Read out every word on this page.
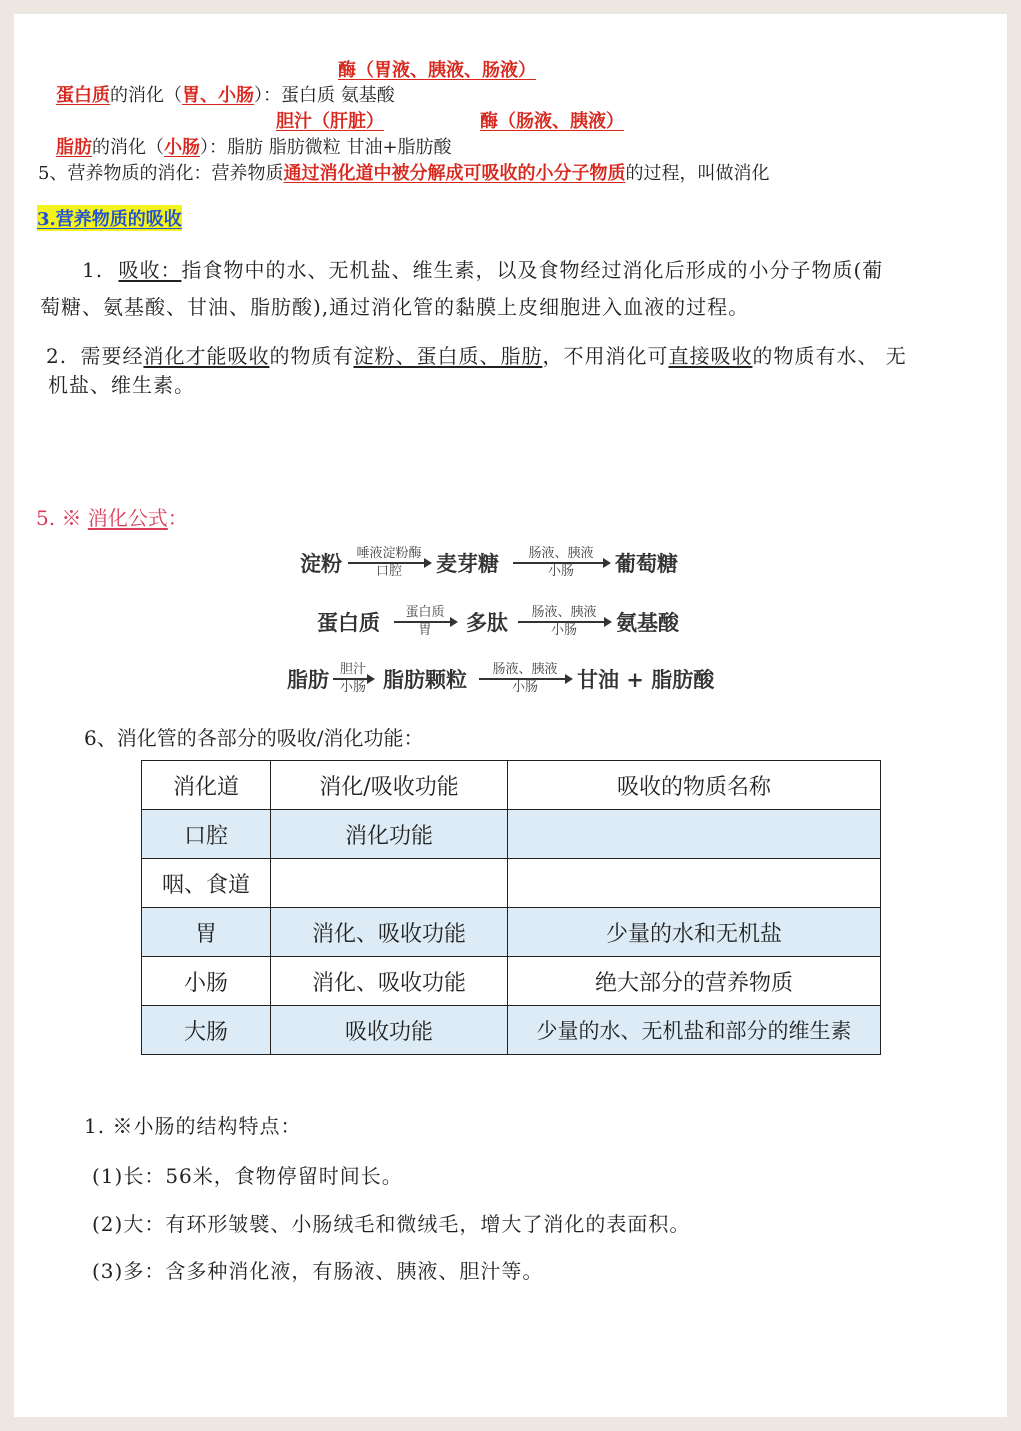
酶（胃液、胰液、肠液）
蛋白质的消化（胃、小肠）：蛋白质 氨基酸
胆汁（肝脏）	酶（肠液、胰液）
脂肪的消化（小肠）：脂肪 脂肪微粒 甘油+脂肪酸
5、营养物质的消化：营养物质通过消化道中被分解成可吸收的小分子物质的过程，叫做消化
3.营养物质的吸收
1. 吸收：指食物中的水、无机盐、维生素，以及食物经过消化后形成的小分子物质(葡
萄糖、氨基酸、甘油、脂肪酸),通过消化管的黏膜上皮细胞进入血液的过程。
2. 需要经消化才能吸收的物质有淀粉、蛋白质、脂肪，不用消化可直接吸收的物质有水、 无
机盐、维生素。
5. ※ 消化公式：
淀粉 唾液淀粉酶
口腔 麦芽糖 肠液、胰液
小肠 葡萄糖
蛋白质 蛋白质
胃 多肽 肠液、胰液
小肠 氨基酸
脂肪 胆汁
小肠 脂肪颗粒 肠液、胰液
小肠 甘油 + 脂肪酸
6、消化管的各部分的吸收/消化功能：
消化道	消化/吸收功能	吸收的物质名称
口腔	消化功能	
咽、食道		
胃	消化、吸收功能	少量的水和无机盐
小肠	消化、吸收功能	绝大部分的营养物质
大肠	吸收功能	少量的水、无机盐和部分的维生素
1. ※小肠的结构特点：
(1)长：56米，食物停留时间长。
(2)大：有环形皱襞、小肠绒毛和微绒毛，增大了消化的表面积。
(3)多：含多种消化液，有肠液、胰液、胆汁等。
